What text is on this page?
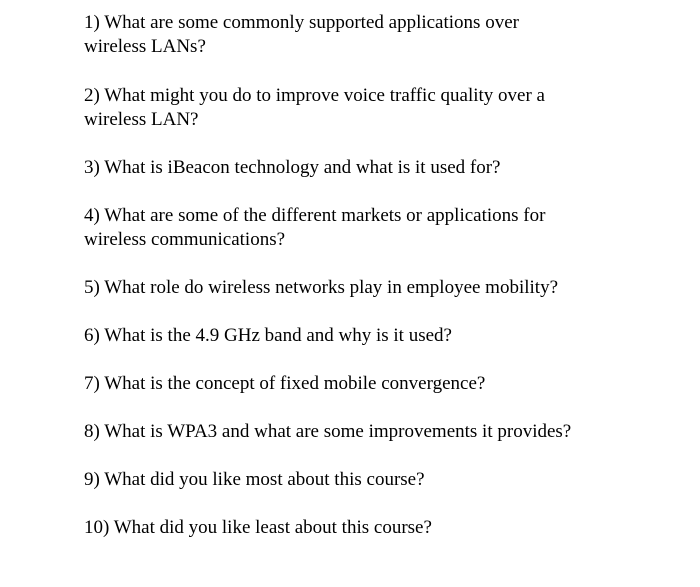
1) What are some commonly supported applications over
wireless LANs?
2) What might you do to improve voice traffic quality over a
wireless LAN?
3) What is iBeacon technology and what is it used for?
4) What are some of the different markets or applications for
wireless communications?
5) What role do wireless networks play in employee mobility?
6) What is the 4.9 GHz band and why is it used?
7) What is the concept of fixed mobile convergence?
8) What is WPA3 and what are some improvements it provides?
9) What did you like most about this course?
10) What did you like least about this course?
